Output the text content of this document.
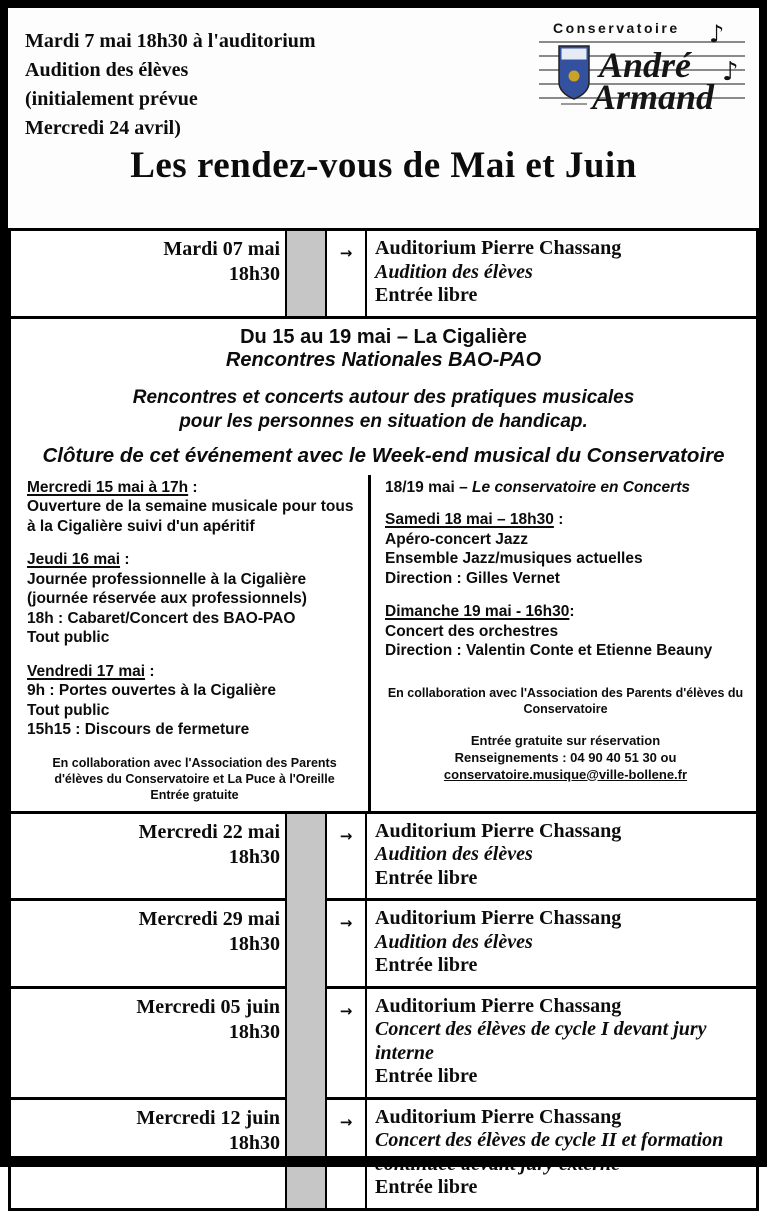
Mardi 7 mai 18h30 à l'auditorium
Audition des élèves
(initialement prévue
Mercredi 24 avril)
Conservatoire ♪
André ♪
Armand
Les rendez-vous de Mai et Juin
Mardi 07 mai
18h30
→	Auditorium Pierre Chassang
Audition des élèves
Entrée libre
Du 15 au 19 mai – La Cigalière
Rencontres Nationales BAO-PAO
Rencontres et concerts autour des pratiques musicales
pour les personnes en situation de handicap.
Clôture de cet événement avec le Week-end musical du Conservatoire
Mercredi 15 mai à 17h :
Ouverture de la semaine musicale pour tous à la Cigalière suivi d'un apéritif
Jeudi 16 mai :
Journée professionnelle à la Cigalière
(journée réservée aux professionnels)
18h : Cabaret/Concert des BAO-PAO
Tout public
Vendredi 17 mai :
9h : Portes ouvertes à la Cigalière
Tout public
15h15 : Discours de fermeture
En collaboration avec l'Association des Parents d'élèves du Conservatoire et La Puce à l'Oreille
Entrée gratuite
18/19 mai – Le conservatoire en Concerts
Samedi 18 mai – 18h30 :
Apéro-concert Jazz
Ensemble Jazz/musiques actuelles
Direction : Gilles Vernet
Dimanche 19 mai - 16h30:
Concert des orchestres
Direction : Valentin Conte et Etienne Beauny
En collaboration avec l'Association des Parents d'élèves du Conservatoire
Entrée gratuite sur réservation
Renseignements : 04 90 40 51 30 ou
conservatoire.musique@ville-bollene.fr
Mercredi 22 mai
18h30
→	Auditorium Pierre Chassang
Audition des élèves
Entrée libre
Mercredi 29 mai
18h30
→	Auditorium Pierre Chassang
Audition des élèves
Entrée libre
Mercredi 05 juin
18h30
→	Auditorium Pierre Chassang
Concert des élèves de cycle I devant jury interne
Entrée libre
Mercredi 12 juin
18h30
→	Auditorium Pierre Chassang
Concert des élèves de cycle II et formation continuée devant jury externe
Entrée libre
